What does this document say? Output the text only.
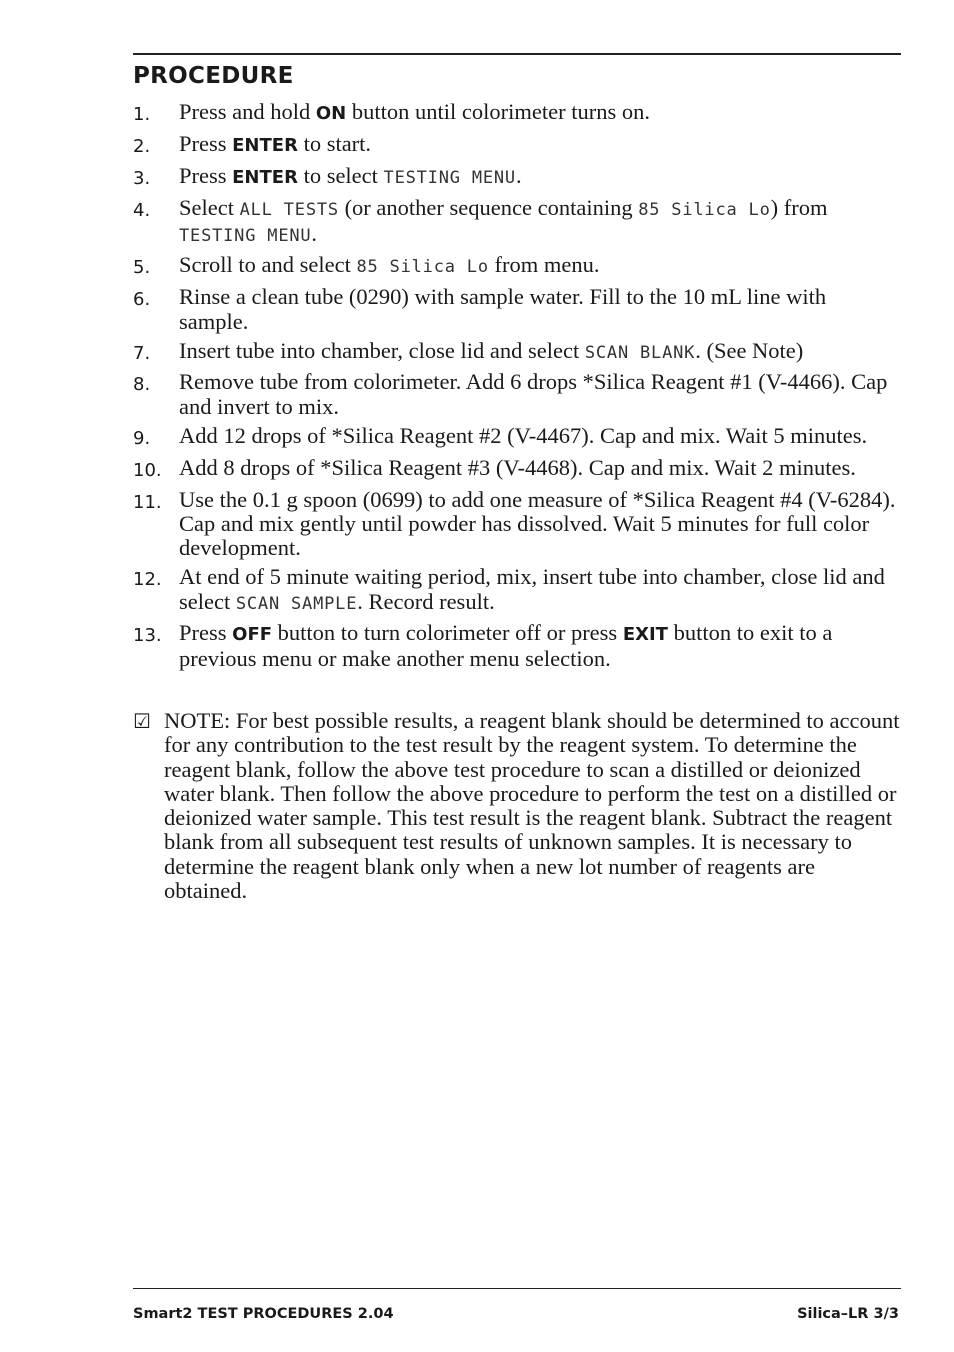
PROCEDURE
1.	Press and hold ON button until colorimeter turns on.
2.	Press ENTER to start.
3.	Press ENTER to select TESTING MENU.
4.	Select ALL TESTS (or another sequence containing 85 Silica Lo) from TESTING MENU.
5.	Scroll to and select 85 Silica Lo from menu.
6.	Rinse a clean tube (0290) with sample water. Fill to the 10 mL line with sample.
7.	Insert tube into chamber, close lid and select SCAN BLANK. (See Note)
8.	Remove tube from colorimeter. Add 6 drops *Silica Reagent #1 (V-4466). Cap and invert to mix.
9.	Add 12 drops of *Silica Reagent #2 (V-4467). Cap and mix. Wait 5 minutes.
10. Add 8 drops of *Silica Reagent #3 (V-4468). Cap and mix. Wait 2 minutes.
11. Use the 0.1 g spoon (0699) to add one measure of *Silica Reagent #4 (V-6284). Cap and mix gently until powder has dissolved. Wait 5 minutes for full color development.
12. At end of 5 minute waiting period, mix, insert tube into chamber, close lid and select SCAN SAMPLE. Record result.
13. Press OFF button to turn colorimeter off or press EXIT button to exit to a previous menu or make another menu selection.
☑ NOTE: For best possible results, a reagent blank should be determined to account for any contribution to the test result by the reagent system. To determine the reagent blank, follow the above test procedure to scan a distilled or deionized water blank. Then follow the above procedure to perform the test on a distilled or deionized water sample. This test result is the reagent blank. Subtract the reagent blank from all subsequent test results of unknown samples. It is necessary to determine the reagent blank only when a new lot number of reagents are obtained.
Smart2 TEST PROCEDURES 2.04	Silica–LR 3/3
